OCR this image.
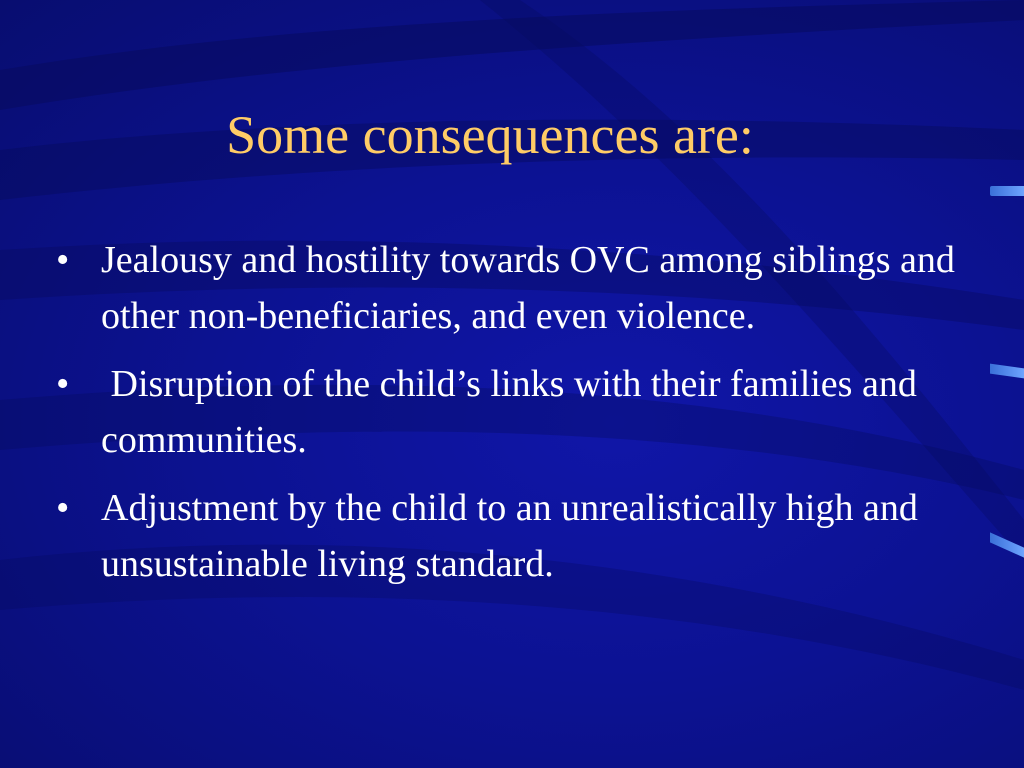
Some consequences are:
• Jealousy and hostility towards OVC among siblings and other non-beneficiaries, and even violence.
• Disruption of the child’s links with their families and communities.
• Adjustment by the child to an unrealistically high and unsustainable living standard.
